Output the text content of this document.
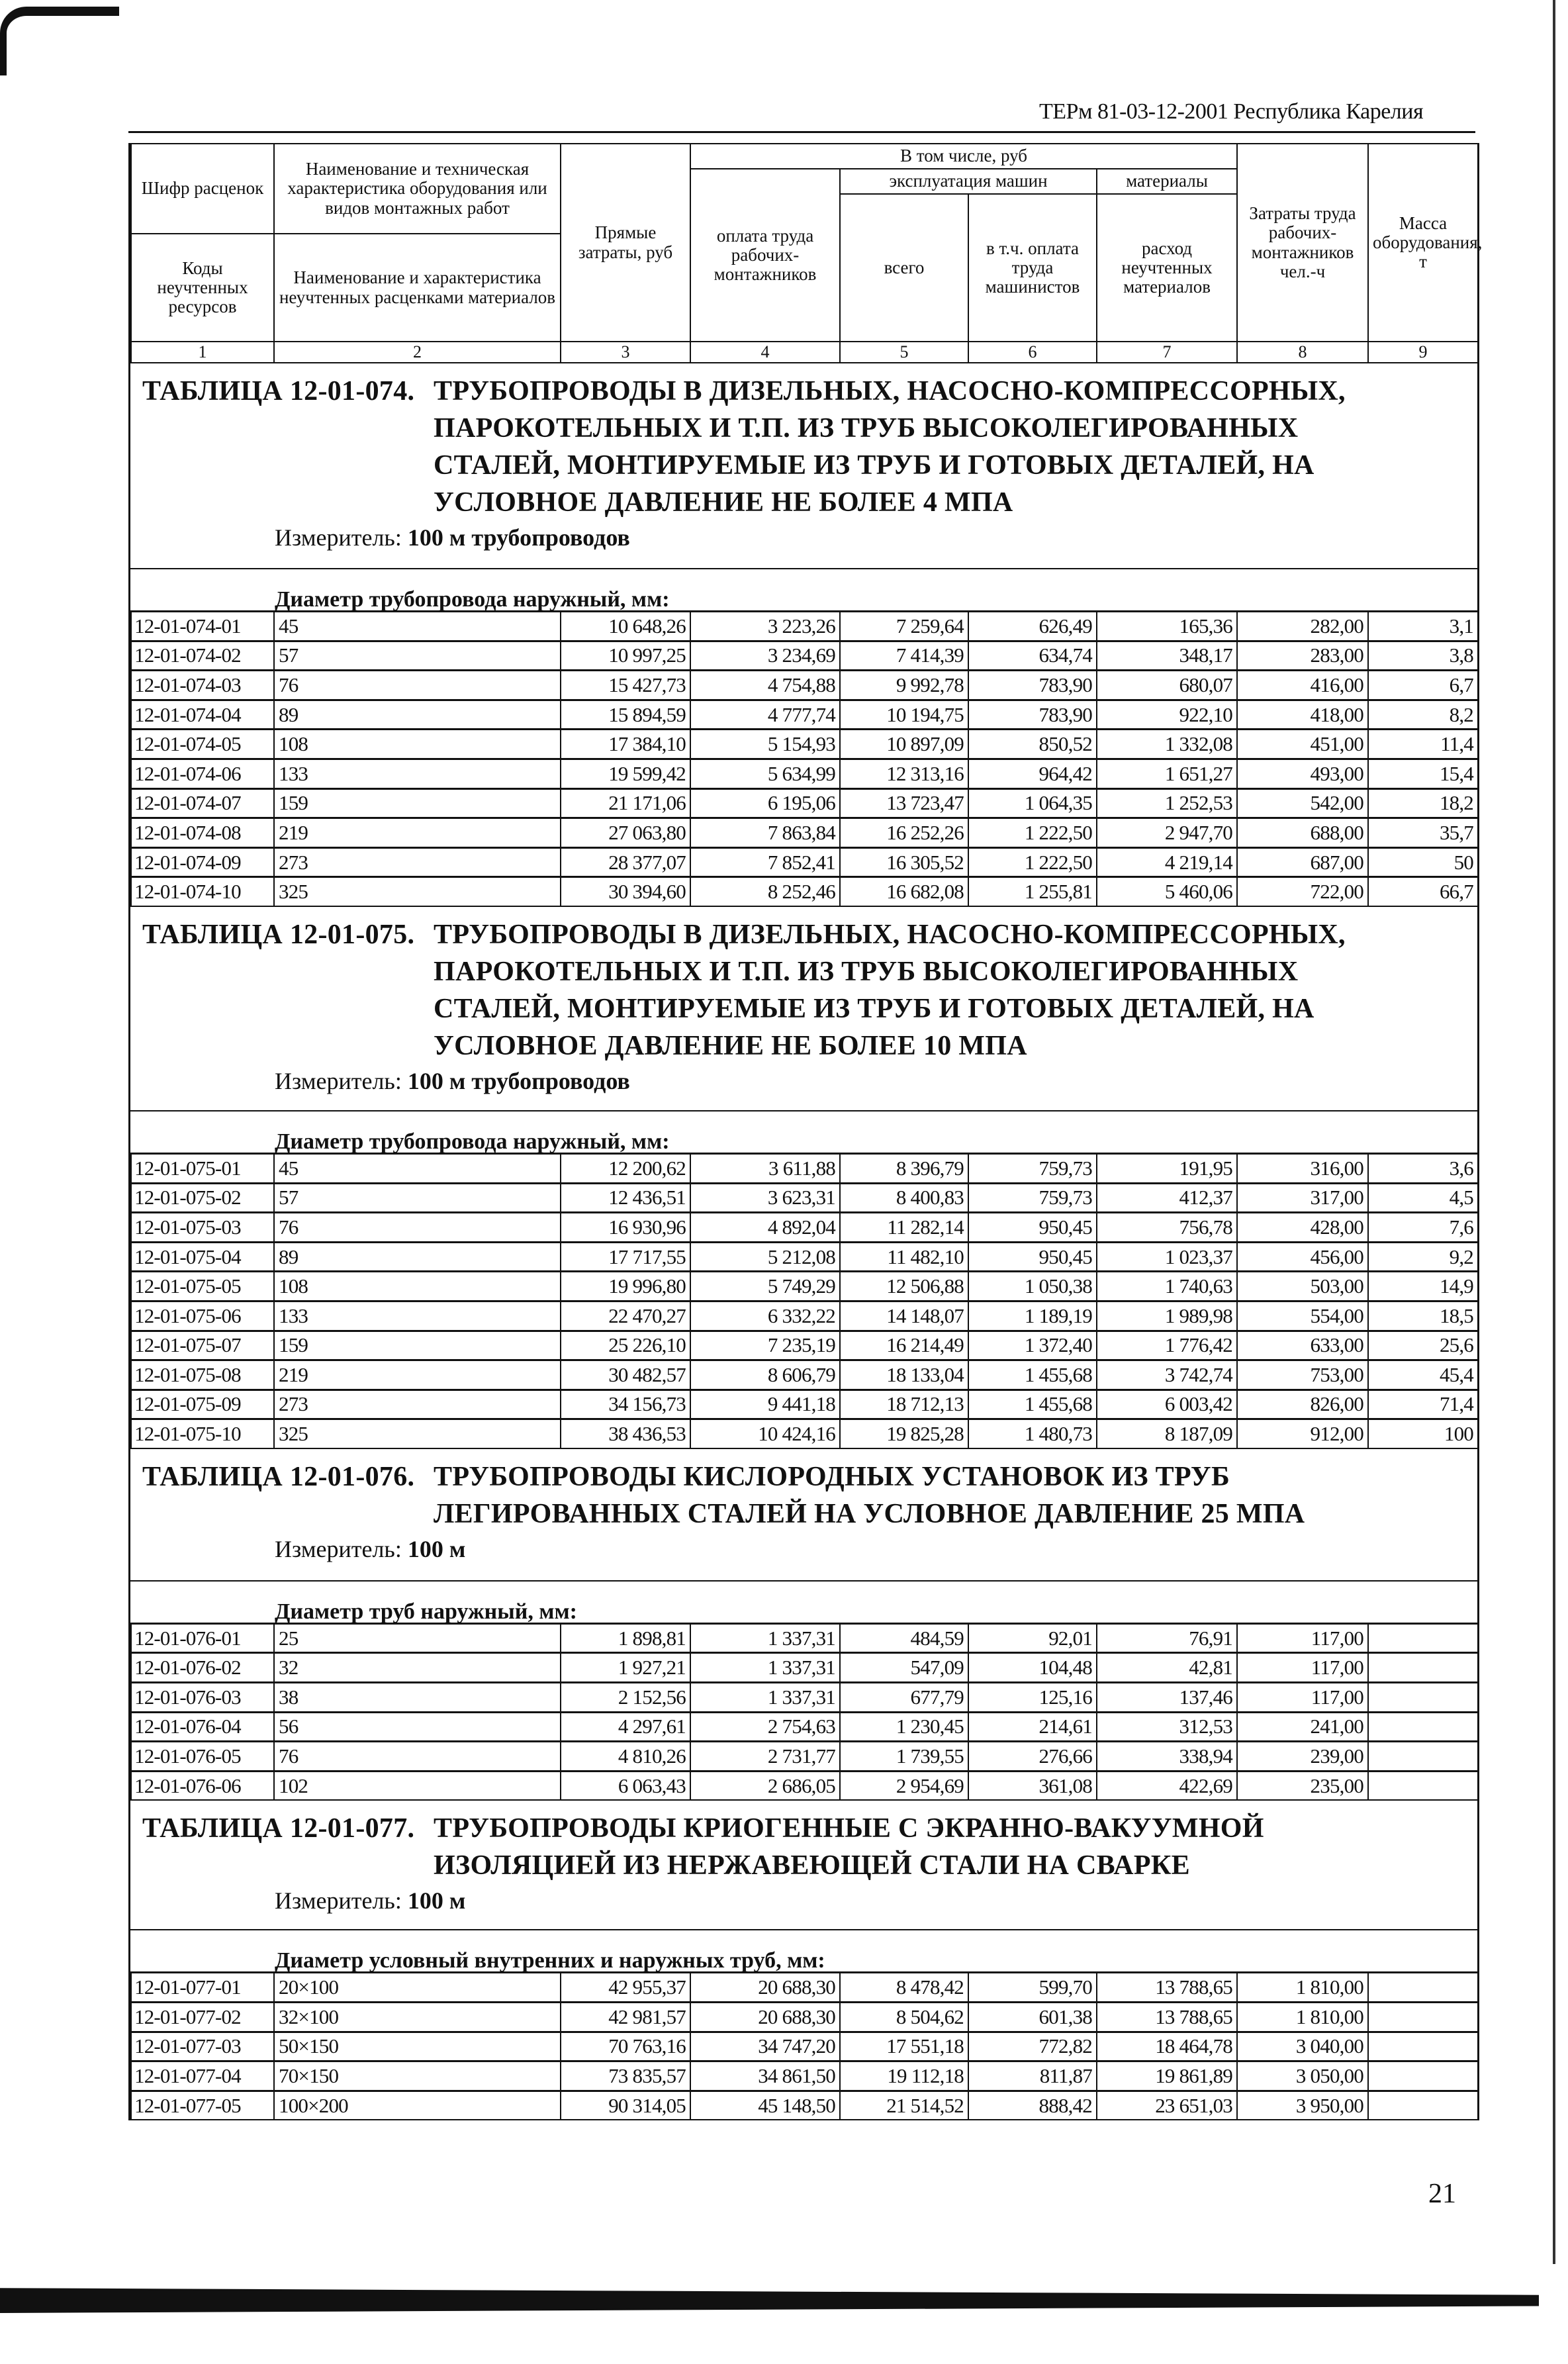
ТЕРм 81-03-12-2001 Республика Карелия
Шифр расценок	Наименование и техническая характеристика оборудования или видов монтажных работ	Прямые затраты, руб	В том числе, руб				Затраты труда рабочих-монтажников чел.-ч	Масса оборудования, т
			оплата труда рабочих-монтажников	эксплуатация машин		материалы		
				всего	в т.ч. оплата труда машинистов	расход неучтенных материалов		
Коды неучтенных ресурсов	Наименование и характеристика неучтенных расценками материалов							

1	2	3	4	5	6	7	8	9
ТАБЛИЦА 12-01-074. ТРУБОПРОВОДЫ В ДИЗЕЛЬНЫХ, НАСОСНО-КОМПРЕССОРНЫХ,
ПАРОКОТЕЛЬНЫХ И Т.П. ИЗ ТРУБ ВЫСОКОЛЕГИРОВАННЫХ
СТАЛЕЙ, МОНТИРУЕМЫЕ ИЗ ТРУБ И ГОТОВЫХ ДЕТАЛЕЙ, НА
УСЛОВНОЕ ДАВЛЕНИЕ НЕ БОЛЕЕ 4 МПА
Измеритель: 100 м трубопроводов
Диаметр трубопровода наружный, мм:
12-01-074-01	45	10 648,26	3 223,26	7 259,64	626,49	165,36	282,00	3,1
12-01-074-02	57	10 997,25	3 234,69	7 414,39	634,74	348,17	283,00	3,8
12-01-074-03	76	15 427,73	4 754,88	9 992,78	783,90	680,07	416,00	6,7
12-01-074-04	89	15 894,59	4 777,74	10 194,75	783,90	922,10	418,00	8,2
12-01-074-05	108	17 384,10	5 154,93	10 897,09	850,52	1 332,08	451,00	11,4
12-01-074-06	133	19 599,42	5 634,99	12 313,16	964,42	1 651,27	493,00	15,4
12-01-074-07	159	21 171,06	6 195,06	13 723,47	1 064,35	1 252,53	542,00	18,2
12-01-074-08	219	27 063,80	7 863,84	16 252,26	1 222,50	2 947,70	688,00	35,7
12-01-074-09	273	28 377,07	7 852,41	16 305,52	1 222,50	4 219,14	687,00	50
12-01-074-10	325	30 394,60	8 252,46	16 682,08	1 255,81	5 460,06	722,00	66,7
ТАБЛИЦА 12-01-075. ТРУБОПРОВОДЫ В ДИЗЕЛЬНЫХ, НАСОСНО-КОМПРЕССОРНЫХ,
ПАРОКОТЕЛЬНЫХ И Т.П. ИЗ ТРУБ ВЫСОКОЛЕГИРОВАННЫХ
СТАЛЕЙ, МОНТИРУЕМЫЕ ИЗ ТРУБ И ГОТОВЫХ ДЕТАЛЕЙ, НА
УСЛОВНОЕ ДАВЛЕНИЕ НЕ БОЛЕЕ 10 МПА
Измеритель: 100 м трубопроводов
Диаметр трубопровода наружный, мм:
12-01-075-01	45	12 200,62	3 611,88	8 396,79	759,73	191,95	316,00	3,6
12-01-075-02	57	12 436,51	3 623,31	8 400,83	759,73	412,37	317,00	4,5
12-01-075-03	76	16 930,96	4 892,04	11 282,14	950,45	756,78	428,00	7,6
12-01-075-04	89	17 717,55	5 212,08	11 482,10	950,45	1 023,37	456,00	9,2
12-01-075-05	108	19 996,80	5 749,29	12 506,88	1 050,38	1 740,63	503,00	14,9
12-01-075-06	133	22 470,27	6 332,22	14 148,07	1 189,19	1 989,98	554,00	18,5
12-01-075-07	159	25 226,10	7 235,19	16 214,49	1 372,40	1 776,42	633,00	25,6
12-01-075-08	219	30 482,57	8 606,79	18 133,04	1 455,68	3 742,74	753,00	45,4
12-01-075-09	273	34 156,73	9 441,18	18 712,13	1 455,68	6 003,42	826,00	71,4
12-01-075-10	325	38 436,53	10 424,16	19 825,28	1 480,73	8 187,09	912,00	100
ТАБЛИЦА 12-01-076. ТРУБОПРОВОДЫ КИСЛОРОДНЫХ УСТАНОВОК ИЗ ТРУБ
ЛЕГИРОВАННЫХ СТАЛЕЙ НА УСЛОВНОЕ ДАВЛЕНИЕ 25 МПА
Измеритель: 100 м
Диаметр труб наружный, мм:
12-01-076-01	25	1 898,81	1 337,31	484,59	92,01	76,91	117,00	
12-01-076-02	32	1 927,21	1 337,31	547,09	104,48	42,81	117,00	
12-01-076-03	38	2 152,56	1 337,31	677,79	125,16	137,46	117,00	
12-01-076-04	56	4 297,61	2 754,63	1 230,45	214,61	312,53	241,00	
12-01-076-05	76	4 810,26	2 731,77	1 739,55	276,66	338,94	239,00	
12-01-076-06	102	6 063,43	2 686,05	2 954,69	361,08	422,69	235,00	
ТАБЛИЦА 12-01-077. ТРУБОПРОВОДЫ КРИОГЕННЫЕ С ЭКРАННО-ВАКУУМНОЙ
ИЗОЛЯЦИЕЙ ИЗ НЕРЖАВЕЮЩЕЙ СТАЛИ НА СВАРКЕ
Измеритель: 100 м
Диаметр условный внутренних и наружных труб, мм:
12-01-077-01	20×100	42 955,37	20 688,30	8 478,42	599,70	13 788,65	1 810,00	
12-01-077-02	32×100	42 981,57	20 688,30	8 504,62	601,38	13 788,65	1 810,00	
12-01-077-03	50×150	70 763,16	34 747,20	17 551,18	772,82	18 464,78	3 040,00	
12-01-077-04	70×150	73 835,57	34 861,50	19 112,18	811,87	19 861,89	3 050,00	
12-01-077-05	100×200	90 314,05	45 148,50	21 514,52	888,42	23 651,03	3 950,00	
21
